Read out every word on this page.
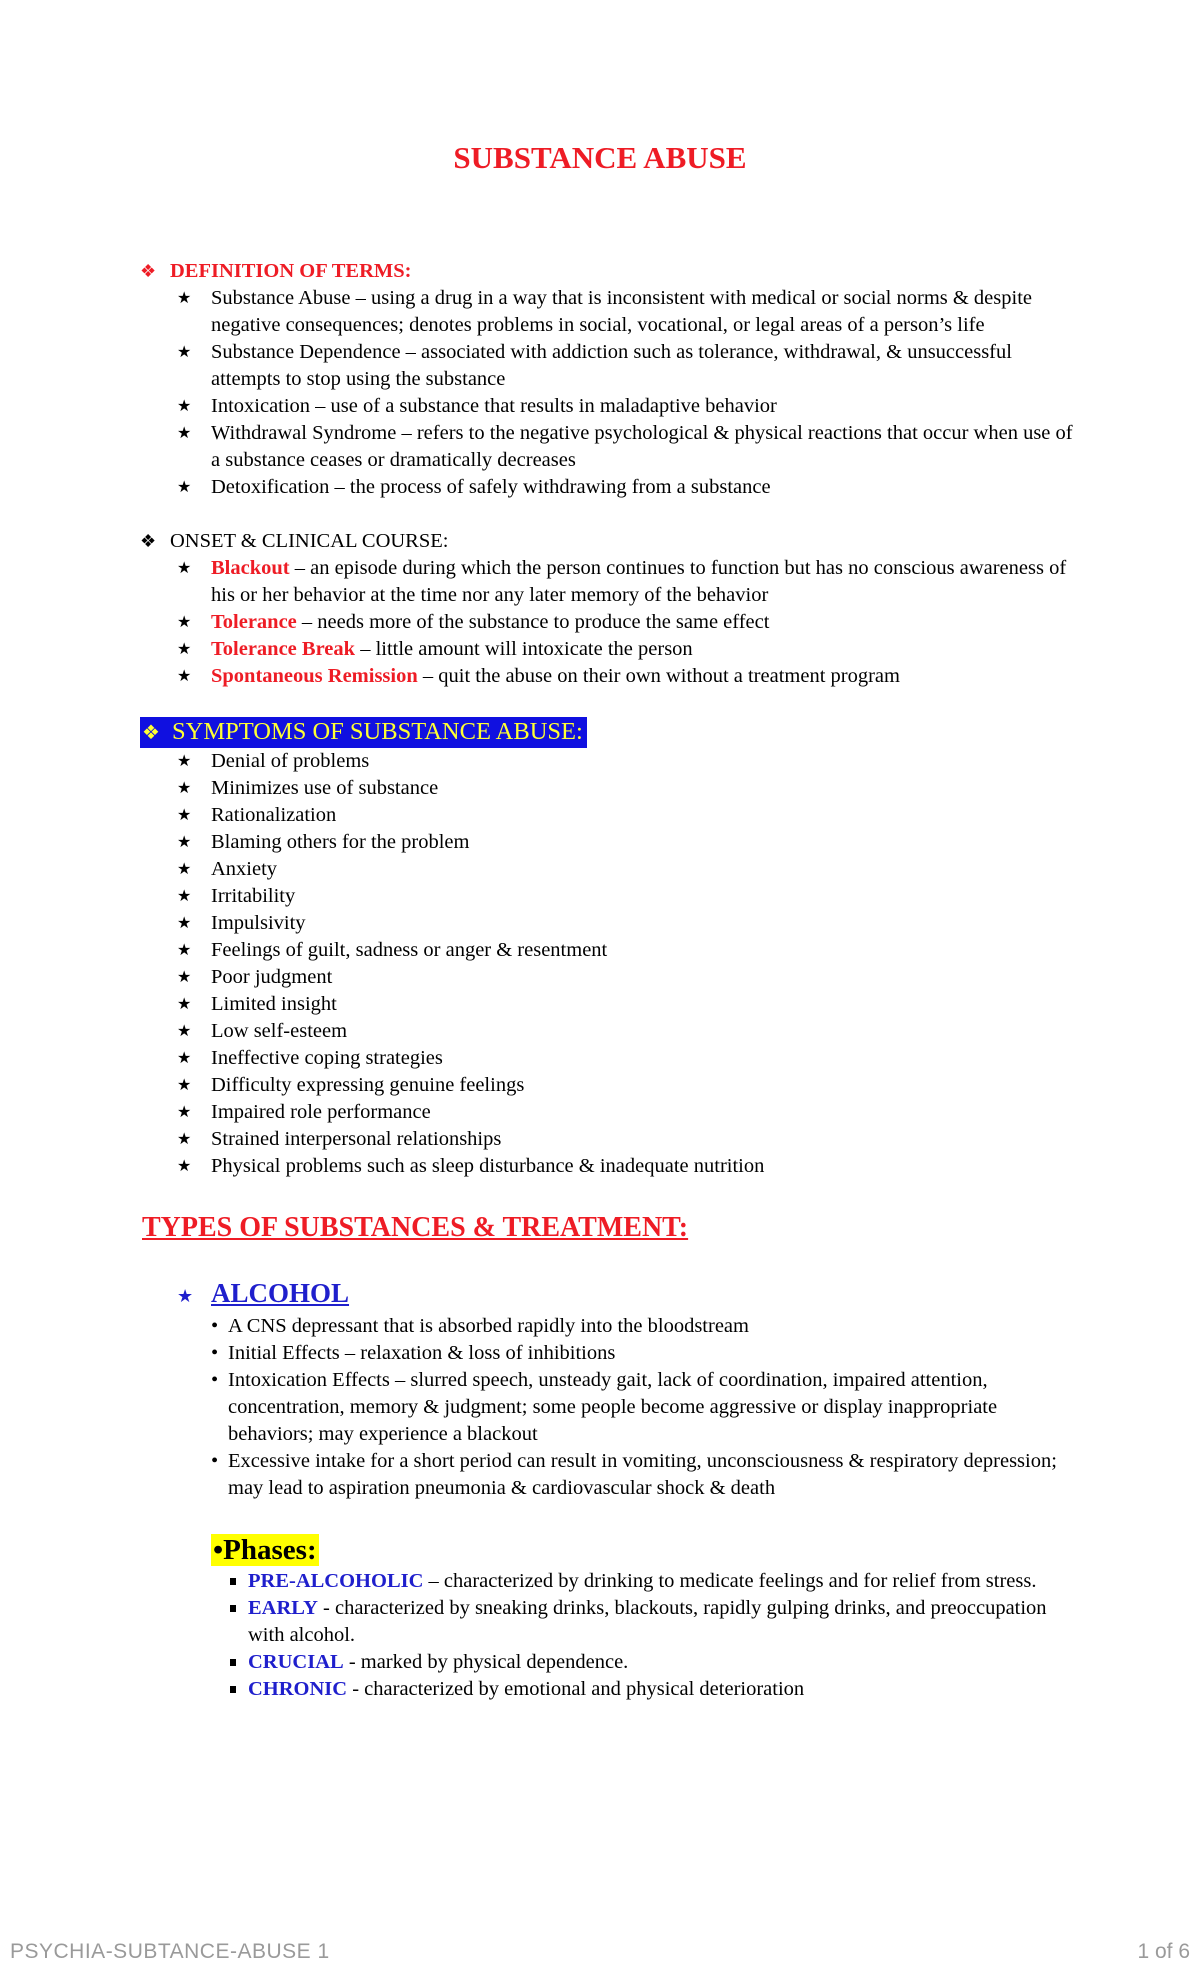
SUBSTANCE ABUSE
❖ DEFINITION OF TERMS:
★ Substance Abuse – using a drug in a way that is inconsistent with medical or social norms & despite negative consequences; denotes problems in social, vocational, or legal areas of a person’s life
★ Substance Dependence – associated with addiction such as tolerance, withdrawal, & unsuccessful attempts to stop using the substance
★ Intoxication – use of a substance that results in maladaptive behavior
★ Withdrawal Syndrome – refers to the negative psychological & physical reactions that occur when use of a substance ceases or dramatically decreases
★ Detoxification – the process of safely withdrawing from a substance
❖ ONSET & CLINICAL COURSE:
★ Blackout – an episode during which the person continues to function but has no conscious awareness of his or her behavior at the time nor any later memory of the behavior
★ Tolerance – needs more of the substance to produce the same effect
★ Tolerance Break – little amount will intoxicate the person
★ Spontaneous Remission – quit the abuse on their own without a treatment program
❖ SYMPTOMS OF SUBSTANCE ABUSE:
★ Denial of problems
★ Minimizes use of substance
★ Rationalization
★ Blaming others for the problem
★ Anxiety
★ Irritability
★ Impulsivity
★ Feelings of guilt, sadness or anger & resentment
★ Poor judgment
★ Limited insight
★ Low self-esteem
★ Ineffective coping strategies
★ Difficulty expressing genuine feelings
★ Impaired role performance
★ Strained interpersonal relationships
★ Physical problems such as sleep disturbance & inadequate nutrition
TYPES OF SUBSTANCES & TREATMENT:
★ ALCOHOL
• A CNS depressant that is absorbed rapidly into the bloodstream
• Initial Effects – relaxation & loss of inhibitions
• Intoxication Effects – slurred speech, unsteady gait, lack of coordination, impaired attention, concentration, memory & judgment; some people become aggressive or display inappropriate behaviors; may experience a blackout
• Excessive intake for a short period can result in vomiting, unconsciousness & respiratory depression; may lead to aspiration pneumonia & cardiovascular shock & death
•Phases:
PRE-ALCOHOLIC – characterized by drinking to medicate feelings and for relief from stress.
EARLY - characterized by sneaking drinks, blackouts, rapidly gulping drinks, and preoccupation with alcohol.
CRUCIAL - marked by physical dependence.
CHRONIC - characterized by emotional and physical deterioration
PSYCHIA-SUBTANCE-ABUSE 1	1 of 6
